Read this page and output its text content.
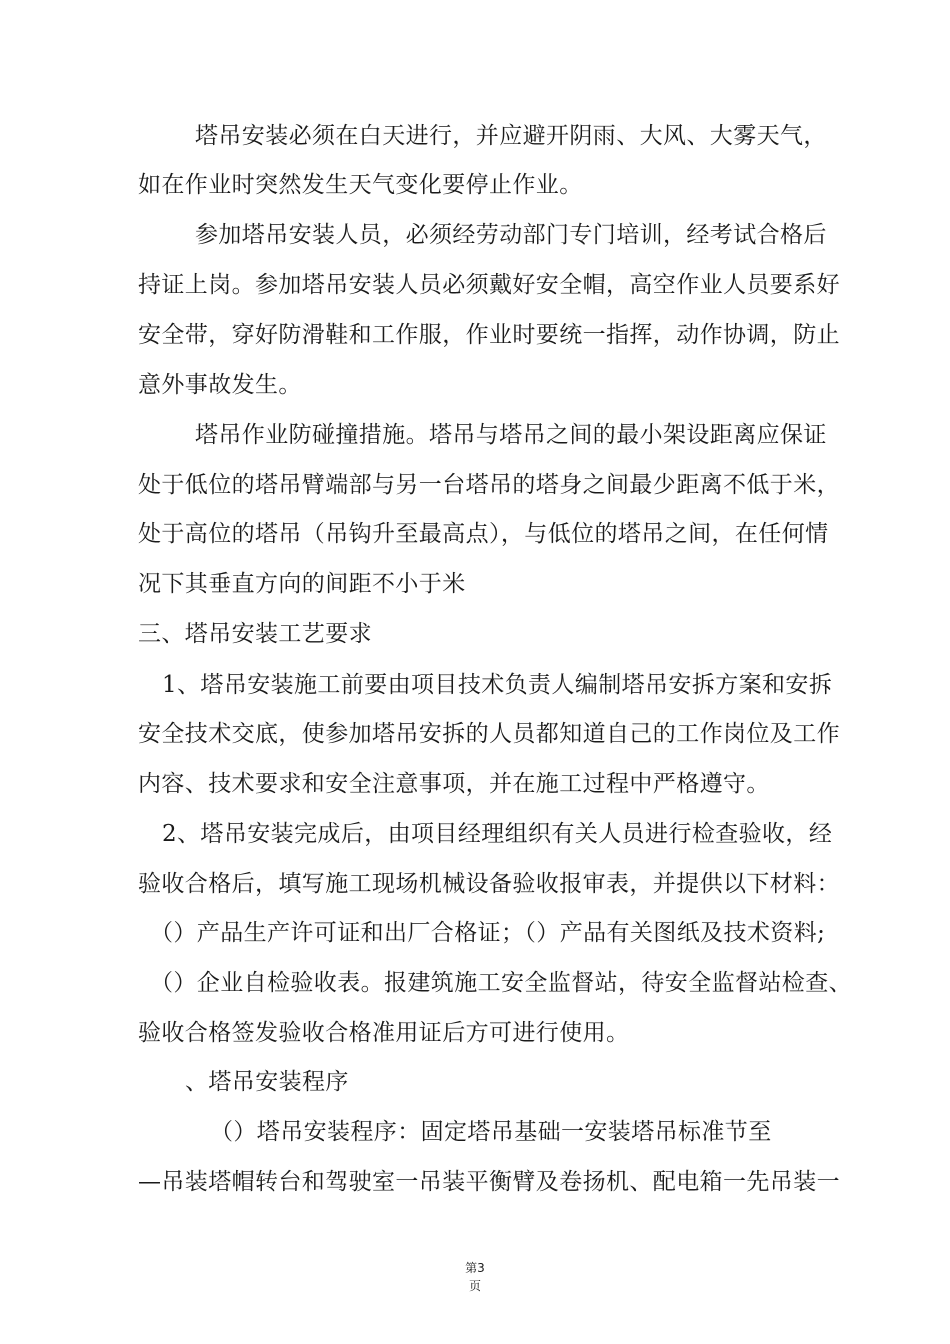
塔吊安装必须在白天进行，并应避开阴雨、大风、大雾天气，
如在作业时突然发生天气变化要停止作业。
参加塔吊安装人员，必须经劳动部门专门培训，经考试合格后
持证上岗。参加塔吊安装人员必须戴好安全帽，高空作业人员要系好
安全带，穿好防滑鞋和工作服，作业时要统一指挥，动作协调，防止
意外事故发生。
塔吊作业防碰撞措施。塔吊与塔吊之间的最小架设距离应保证
处于低位的塔吊臂端部与另一台塔吊的塔身之间最少距离不低于米，
处于高位的塔吊（吊钩升至最高点），与低位的塔吊之间，在任何情
况下其垂直方向的间距不小于米
三、塔吊安装工艺要求
1、塔吊安装施工前要由项目技术负责人编制塔吊安拆方案和安拆
安全技术交底，使参加塔吊安拆的人员都知道自己的工作岗位及工作
内容、技术要求和安全注意事项，并在施工过程中严格遵守。
2、塔吊安装完成后，由项目经理组织有关人员进行检查验收，经
验收合格后，填写施工现场机械设备验收报审表，并提供以下材料：
（）产品生产许可证和出厂合格证；（）产品有关图纸及技术资料;
（）企业自检验收表。报建筑施工安全监督站，待安全监督站检查、
验收合格签发验收合格准用证后方可进行使用。
、塔吊安装程序
（）塔吊安装程序：固定塔吊基础一安装塔吊标准节至
—吊装塔帽转台和驾驶室一吊装平衡臂及卷扬机、配电箱一先吊装一
第3
页
